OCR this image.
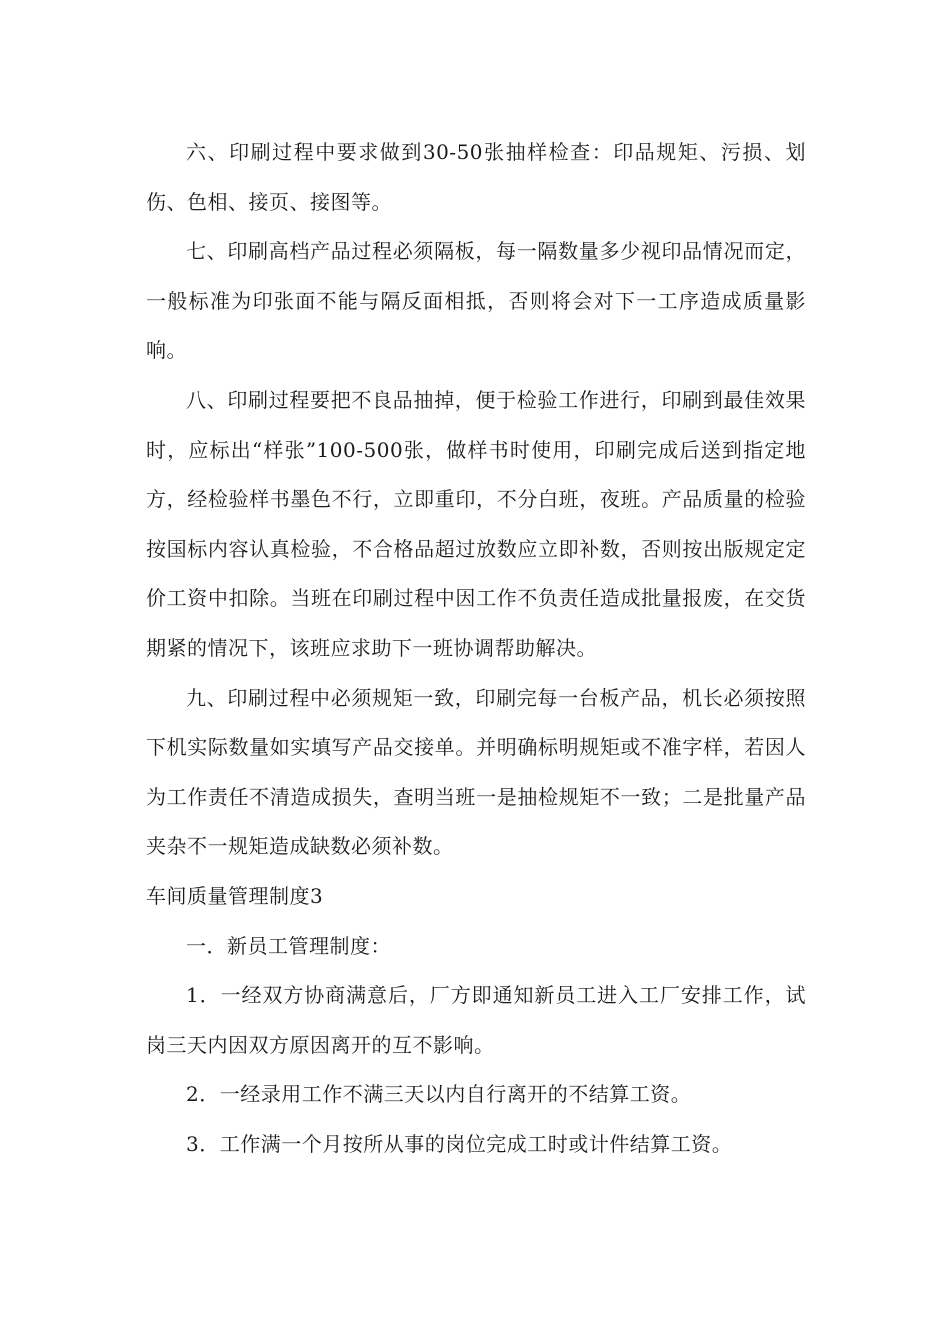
六、印刷过程中要求做到30-50张抽样检查：印品规矩、污损、划伤、色相、接页、接图等。

七、印刷高档产品过程必须隔板，每一隔数量多少视印品情况而定，一般标准为印张面不能与隔反面相抵，否则将会对下一工序造成质量影响。

八、印刷过程要把不良品抽掉，便于检验工作进行，印刷到最佳效果时，应标出“样张”100-500张，做样书时使用，印刷完成后送到指定地方，经检验样书墨色不行，立即重印，不分白班，夜班。产品质量的检验按国标内容认真检验，不合格品超过放数应立即补数，否则按出版规定定价工资中扣除。当班在印刷过程中因工作不负责任造成批量报废，在交货期紧的情况下，该班应求助下一班协调帮助解决。

九、印刷过程中必须规矩一致，印刷完每一台板产品，机长必须按照下机实际数量如实填写产品交接单。并明确标明规矩或不准字样，若因人为工作责任不清造成损失，查明当班一是抽检规矩不一致；二是批量产品夹杂不一规矩造成缺数必须补数。

车间质量管理制度3

一．新员工管理制度：

1．一经双方协商满意后，厂方即通知新员工进入工厂安排工作，试岗三天内因双方原因离开的互不影响。

2．一经录用工作不满三天以内自行离开的不结算工资。

3．工作满一个月按所从事的岗位完成工时或计件结算工资。
